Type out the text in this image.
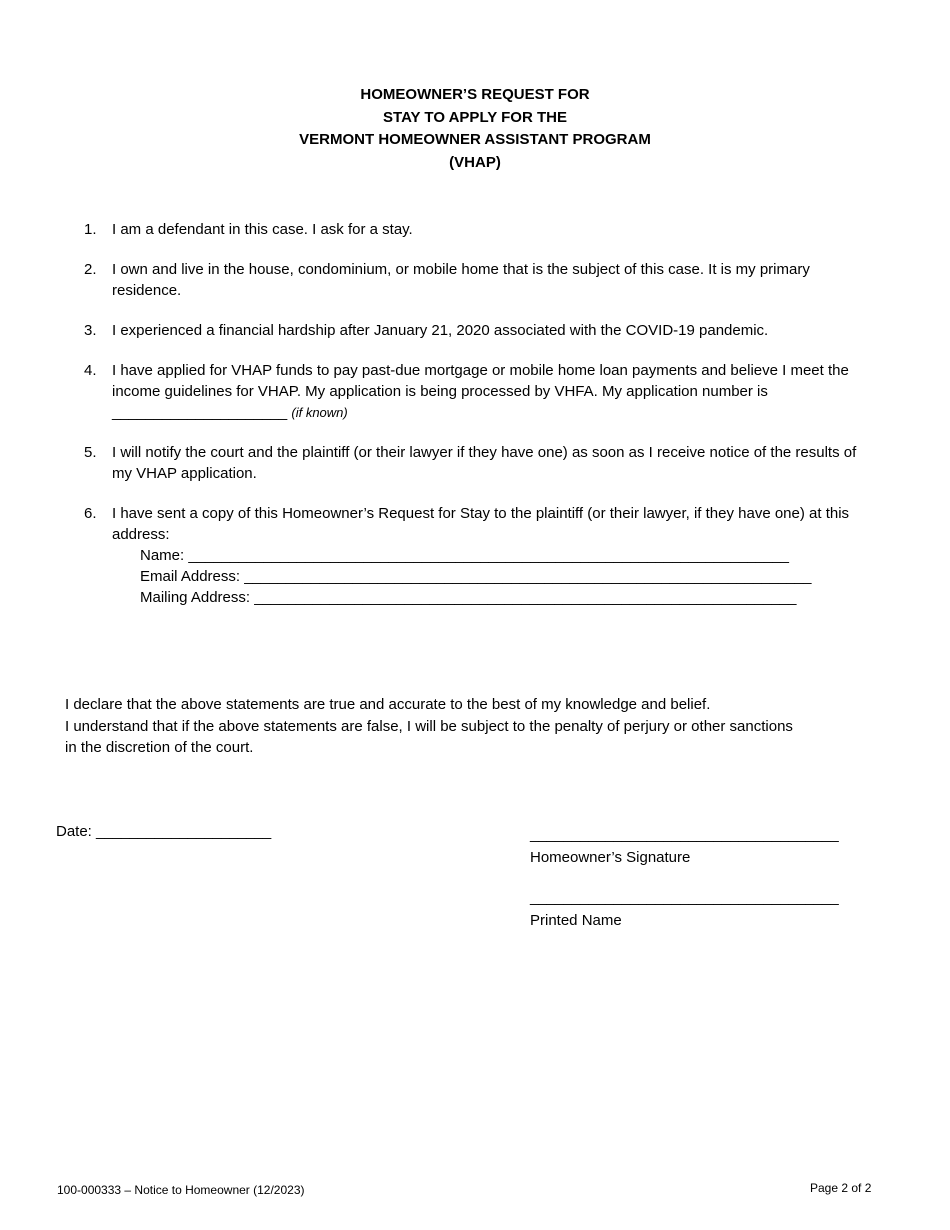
HOMEOWNER’S REQUEST FOR
STAY TO APPLY FOR THE
VERMONT HOMEOWNER ASSISTANT PROGRAM
(VHAP)
1. I am a defendant in this case. I ask for a stay.
2. I own and live in the house, condominium, or mobile home that is the subject of this case. It is my primary residence.
3. I experienced a financial hardship after January 21, 2020 associated with the COVID-19 pandemic.
4. I have applied for VHAP funds to pay past-due mortgage or mobile home loan payments and believe I meet the income guidelines for VHAP. My application is being processed by VHFA. My application number is
_____________________ (if known)
5. I will notify the court and the plaintiff (or their lawyer if they have one) as soon as I receive notice of the results of my VHAP application.
6. I have sent a copy of this Homeowner’s Request for Stay to the plaintiff (or their lawyer, if they have one) at this address:
Name: ________________________________________________________________________
Email Address: ____________________________________________________________________
Mailing Address: _________________________________________________________________
I declare that the above statements are true and accurate to the best of my knowledge and belief.
I understand that if the above statements are false, I will be subject to the penalty of perjury or other sanctions
in the discretion of the court.
Date: _____________________	_____________________________________
Homeowner’s Signature
_____________________________________
Printed Name
100-000333 – Notice to Homeowner (12/2023)	Page 2 of 2
